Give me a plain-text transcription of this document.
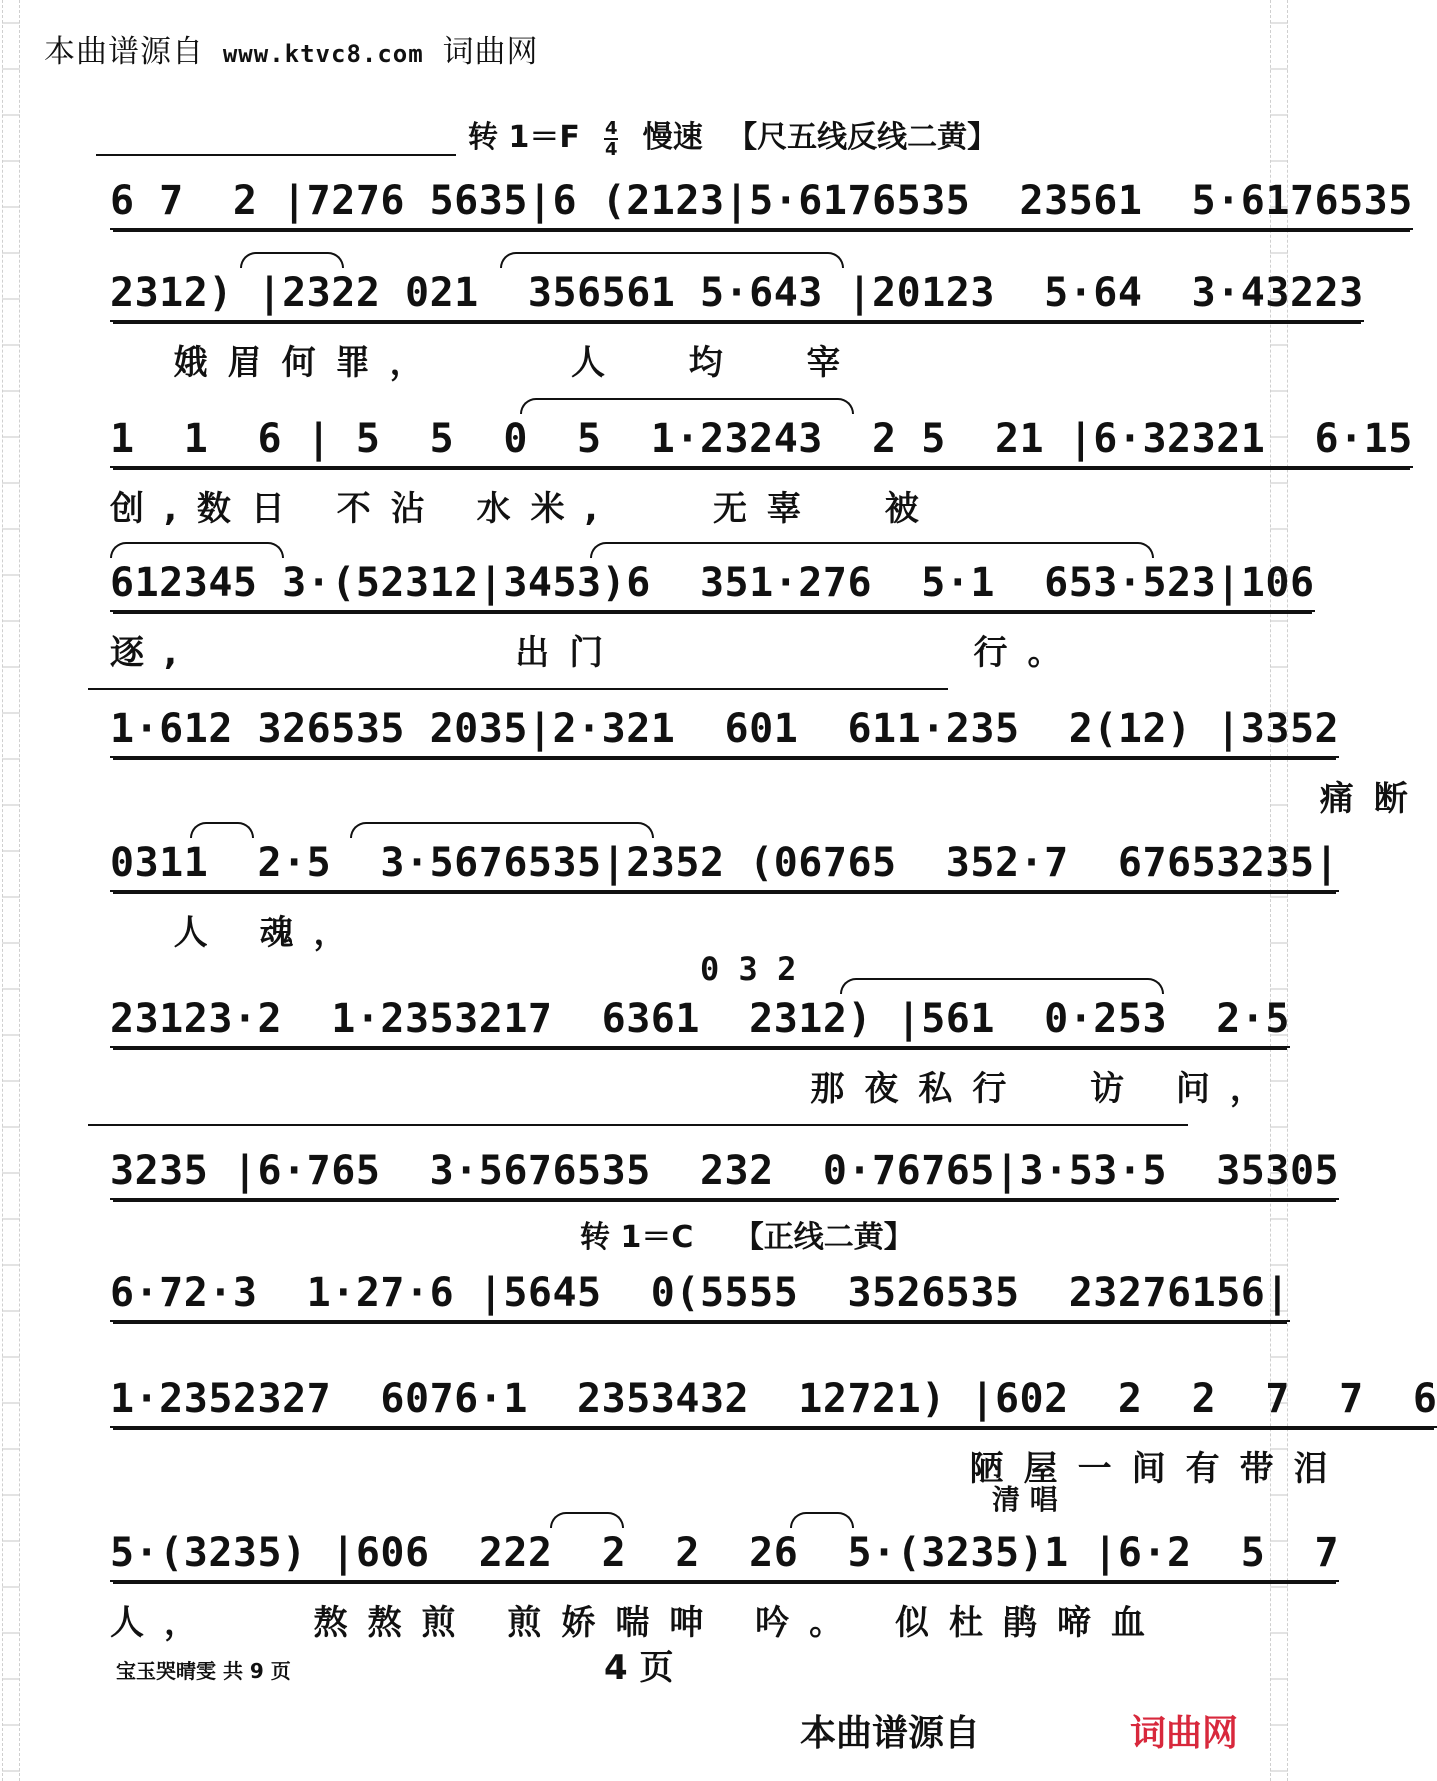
本曲谱源自 www.ktvc8.com 词曲网
转 $1=F \frac{4}{4}$ 慢速 【尺五线反线二黄】
6 7  2 |7276 5635|6 (2123|5·6176535  23561  5·6176535
2312) |2322 021  356561 5·643 |20123  5·64  3·43223
娥眉何罪，    人  均  宰
1  1  6 | 5  5  0  5  1·23243  2 5  21 |6·32321  6·15
创,数日 不沾 水米,   无辜  被
612345 3·(52312|3453)6  351·276  5·1  653·523|106
逐,          出门           行。
1·612 326535 2035|2·321  601  611·235  2(12) |3352
痛断
0311  2·5  3·5676535|2352 (06765  352·7  67653235|
人 魂，
0 3 2
23123·2  1·2353217  6361  2312) |561  0·253  2·5
那夜私行  访 问，
3235 |6·765  3·5676535  232  0·76765|3·53·5  35305
转 1＝C 【正线二黄】
6·72·3  1·27·6 |5645  0(5555  3526535  23276156|
1·2352327  6076·1  2353432  12721) |602  2  2  7  7  6
陋屋一间有带泪
清 唱
5·(3235) |606  222  2  2  26  5·(3235)1 |6·2  5  7
人，   熬熬煎 煎娇喘呻 吟。 似杜鹃啼血
宝玉哭晴雯 共 9 页	4 页
本曲谱源自	词曲网
